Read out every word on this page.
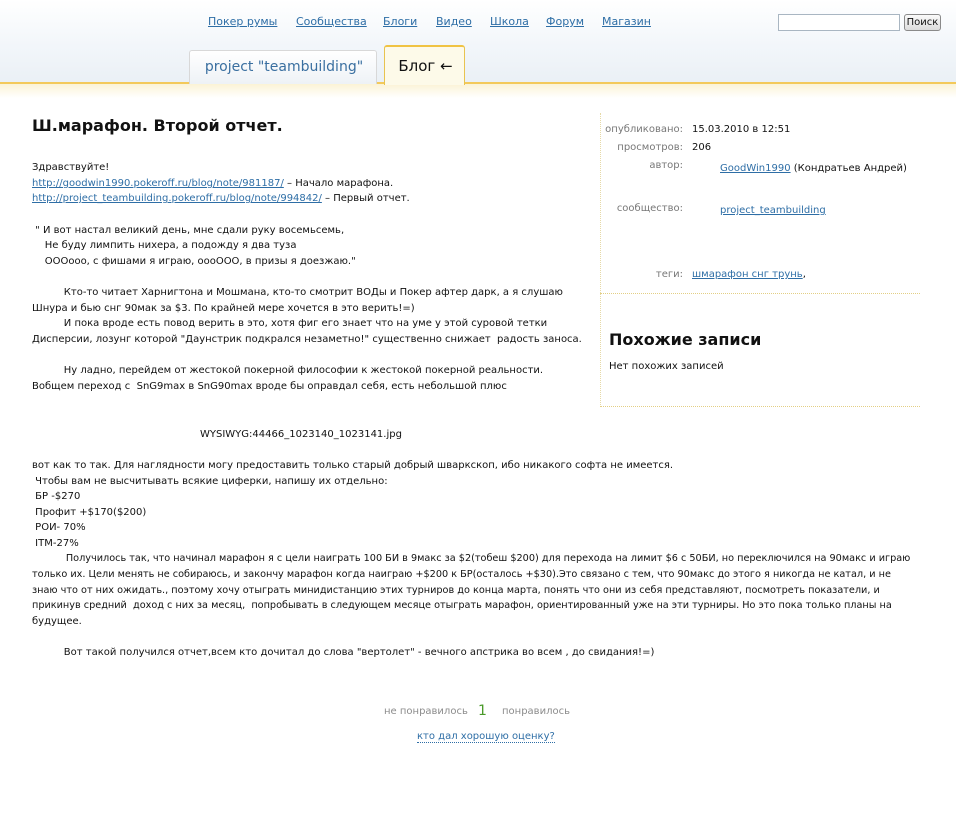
Покер румы Сообщества Блоги Видео Школа Форум Магазин	Поиск
project "teambuilding"	Блог ←
Ш.марафон. Второй отчет.
Здравствуйте!
http://goodwin1990.pokeroff.ru/blog/note/981187/ – Начало марафона.
http://project_teambuilding.pokeroff.ru/blog/note/994842/ – Первый отчет.
" И вот настал великий день, мне сдали руку восемьсемь,
Не буду лимпить нихера, а подожду я два туза
ОООооо, с фишами я играю, оооООО, в призы я доезжаю."
Кто-то читает Харнигтона и Мошмана, кто-то смотрит ВОДы и Покер афтер дарк, а я слушаю
Шнура и бью снг 90мак за $3. По крайней мере хочется в это верить!=)
И пока вроде есть повод верить в это, хотя фиг его знает что на уме у этой суровой тетки
Дисперсии, лозунг которой "Даунстрик подкрался незаметно!" существенно снижает  радость заноса.
Ну ладно, перейдем от жестокой покерной философии к жестокой покерной реальности.
Вобщем переход с  SnG9max в SnG90max вроде бы оправдал себя, есть небольшой плюс
WYSIWYG:44466_1023140_1023141.jpg
вот как то так. Для наглядности могу предоставить только старый добрый шваркскоп, ибо никакого софта не имеется.
Чтобы вам не высчитывать всякие циферки, напишу их отдельно:
БР -$270
Профит +$170($200)
РОИ- 70%
ITM-27%
Получилось так, что начинал марафон я с цели наиграть 100 БИ в 9макс за $2(тобеш $200) для перехода на лимит $6 с 50БИ, но переключился на 90макс и играю
только их. Цели менять не собираюсь, и закончу марафон когда наиграю +$200 к БР(осталось +$30).Это связано с тем, что 90макс до этого я никогда не катал, и не
знаю что от них ожидать., поэтому хочу отыграть минидистанцию этих турниров до конца марта, понять что они из себя представляют, посмотреть показатели, и
прикинув средний  доход с них за месяц,  попробывать в следующем месяце отыграть марафон, ориентированный уже на эти турниры. Но это пока только планы на
будущее.
Вот такой получился отчет,всем кто дочитал до слова "вертолет" - вечного апстрика во всем , до свидания!=)
опубликовано: 15.03.2010 в 12:51
просмотров: 206
автор:	GoodWin1990 (Кондратьев Андрей)
сообщество:	project_teambuilding
теги: шмарафон снг трунь,
Похожие записи
Нет похожих записей
не понравилось 1 понравилось
кто дал хорошую оценку?
